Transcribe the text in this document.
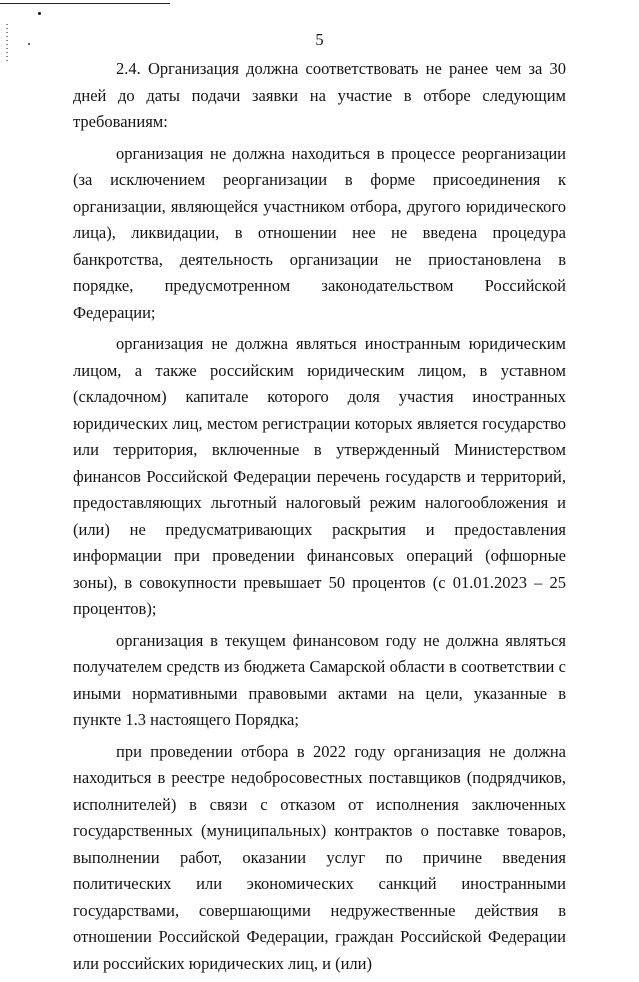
5

2.4. Организация должна соответствовать не ранее чем за 30 дней до даты подачи заявки на участие в отборе следующим требованиям:

организация не должна находиться в процессе реорганизации (за исключением реорганизации в форме присоединения к организации, являющейся участником отбора, другого юридического лица), ликвидации, в отношении нее не введена процедура банкротства, деятельность организации не приостановлена в порядке, предусмотренном законодательством Российской Федерации;

организация не должна являться иностранным юридическим лицом, а также российским юридическим лицом, в уставном (складочном) капитале которого доля участия иностранных юридических лиц, местом регистрации которых является государство или территория, включенные в утвержденный Министерством финансов Российской Федерации перечень государств и территорий, предоставляющих льготный налоговый режим налогообложения и (или) не предусматривающих раскрытия и предоставления информации при проведении финансовых операций (офшорные зоны), в совокупности превышает 50 процентов (с 01.01.2023 – 25 процентов);

организация в текущем финансовом году не должна являться получателем средств из бюджета Самарской области в соответствии с иными нормативными правовыми актами на цели, указанные в пункте 1.3 настоящего Порядка;

при проведении отбора в 2022 году организация не должна находиться в реестре недобросовестных поставщиков (подрядчиков, исполнителей) в связи с отказом от исполнения заключенных государственных (муниципальных) контрактов о поставке товаров, выполнении работ, оказании услуг по причине введения политических или экономических санкций иностранными государствами, совершающими недружественные действия в отношении Российской Федерации, граждан Российской Федерации или российских юридических лиц, и (или)
